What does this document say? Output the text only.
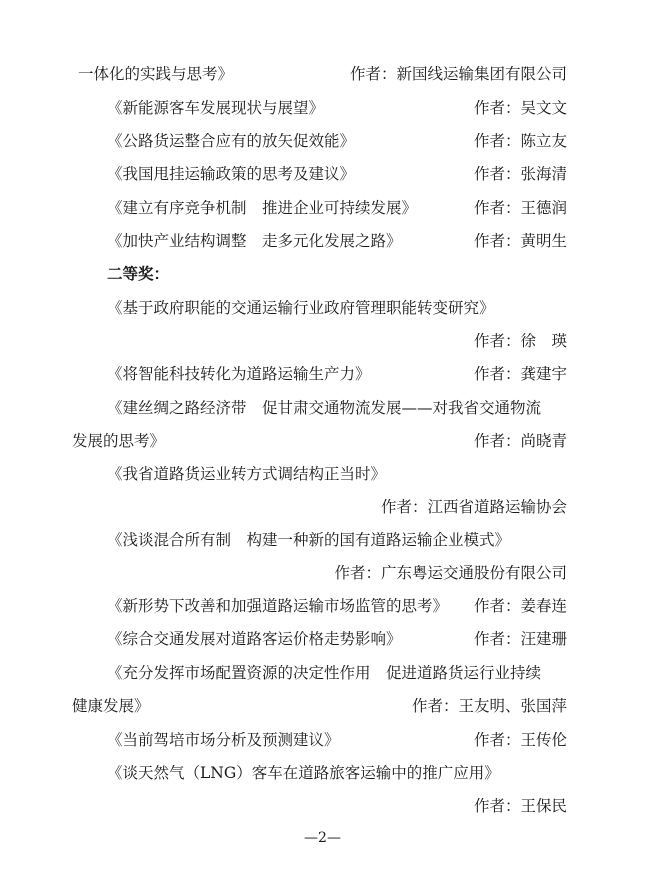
一体化的实践与思考》	作者：新国线运输集团有限公司
《新能源客车发展现状与展望》	作者：吴文文
《公路货运整合应有的放矢促效能》	作者：陈立友
《我国甩挂运输政策的思考及建议》	作者：张海清
《建立有序竞争机制　推进企业可持续发展》	作者：王德润
《加快产业结构调整　走多元化发展之路》	作者：黄明生
二等奖：
《基于政府职能的交通运输行业政府管理职能转变研究》
作者：徐　瑛
《将智能科技转化为道路运输生产力》	作者：龚建宇
《建丝绸之路经济带　促甘肃交通物流发展——对我省交通物流
发展的思考》	作者：尚晓青
《我省道路货运业转方式调结构正当时》
作者：江西省道路运输协会
《浅谈混合所有制　构建一种新的国有道路运输企业模式》
作者：广东粤运交通股份有限公司
《新形势下改善和加强道路运输市场监管的思考》 作者：姜春连
《综合交通发展对道路客运价格走势影响》	作者：汪建珊
《充分发挥市场配置资源的决定性作用　促进道路货运行业持续
健康发展》	作者：王友明、张国萍
《当前驾培市场分析及预测建议》	作者：王传伦
《谈天然气（LNG）客车在道路旅客运输中的推广应用》
作者：王保民
—2—
